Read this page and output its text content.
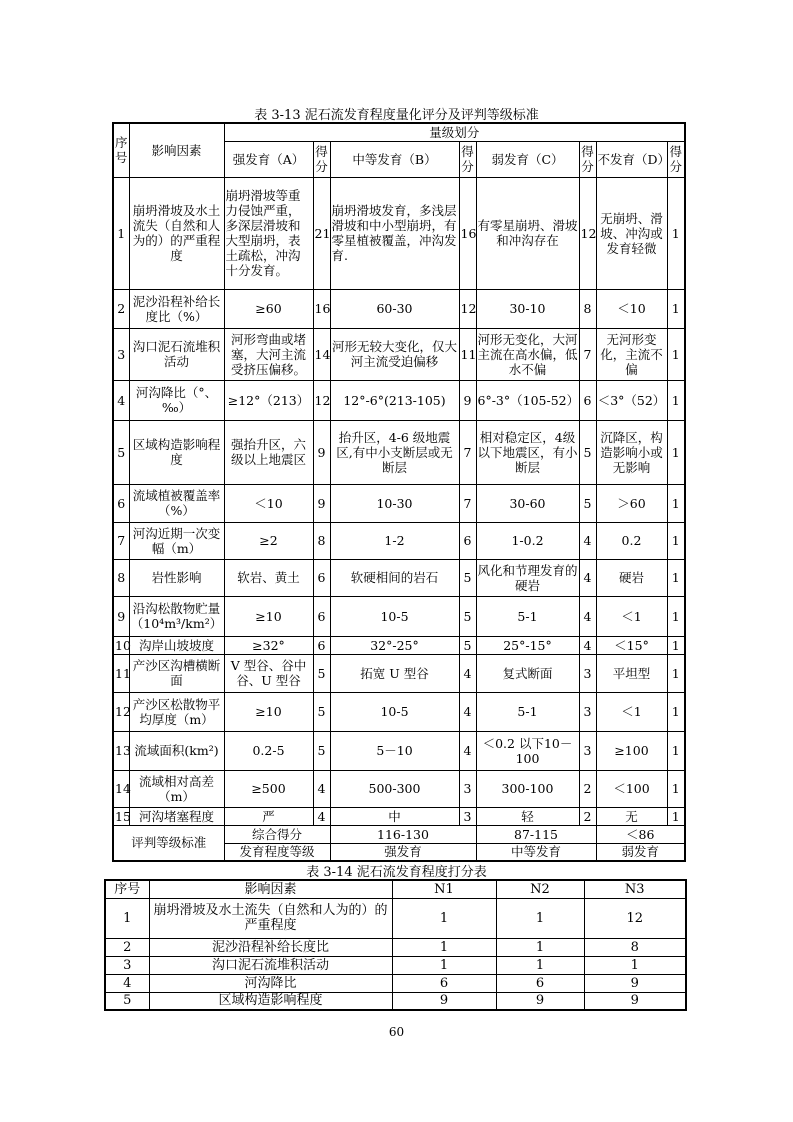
表 3-13 泥石流发育程度量化评分及评判等级标准
序号	影响因素	量级划分							
		强发育（A）	得分	中等发育（B）	得分	弱发育（C）	得分	不发育（D）	得分
1	崩坍滑坡及水土流失（自然和人为的）的严重程度	崩坍滑坡等重力侵蚀严重，多深层滑坡和大型崩坍，表土疏松，冲沟十分发育。	21	崩坍滑坡发育，多浅层滑坡和中小型崩坍，有零星植被覆盖，冲沟发育.	16	有零星崩坍、滑坡和冲沟存在	12	无崩坍、滑坡、冲沟或发育轻微	1
2	泥沙沿程补给长度比（%）	≥60	16	60-30	12	30-10	8	＜10	1
3	沟口泥石流堆积活动	河形弯曲或堵塞，大河主流受挤压偏移。	14	河形无较大变化，仅大河主流受迫偏移	11	河形无变化，大河主流在高水偏，低水不偏	7	无河形变化，主流不偏	1
4	河沟降比（°、‰）	≥12°（213）	12	12°-6°(213-105)	9	6°-3°（105-52）	6	＜3°（52）	1
5	区域构造影响程度	强抬升区，六级以上地震区	9	抬升区，4-6 级地震区,有中小支断层或无断层	7	相对稳定区，4级以下地震区，有小断层	5	沉降区，构造影响小或无影响	1
6	流域植被覆盖率（%）	＜10	9	10-30	7	30-60	5	＞60	1
7	河沟近期一次变幅（m）	≥2	8	1-2	6	1-0.2	4	0.2	1
8	岩性影响	软岩、黄土	6	软硬相间的岩石	5	风化和节理发育的硬岩	4	硬岩	1
9	沿沟松散物贮量（10⁴m³/km²）	≥10	6	10-5	5	5-1	4	＜1	1
10	沟岸山坡坡度	≥32°	6	32°-25°	5	25°-15°	4	＜15°	1
11	产沙区沟槽横断面	V 型谷、谷中谷、U 型谷	5	拓宽 U 型谷	4	复式断面	3	平坦型	1
12	产沙区松散物平均厚度（m）	≥10	5	10-5	4	5-1	3	＜1	1
13	流域面积(km²)	0.2-5	5	5－10	4	＜0.2 以下10－100	3	≥100	1
14	流域相对高差（m）	≥500	4	500-300	3	300-100	2	＜100	1
15	河沟堵塞程度	严	4	中	3	轻	2	无	1
评判等级标准		综合得分		116-130		87-115		＜86	
		发育程度等级		强发育		中等发育		弱发育	
表 3-14 泥石流发育程度打分表
序号	影响因素	N1	N2	N3
1	崩坍滑坡及水土流失（自然和人为的）的严重程度	1	1	12
2	泥沙沿程补给长度比	1	1	8
3	沟口泥石流堆积活动	1	1	1
4	河沟降比	6	6	9
5	区域构造影响程度	9	9	9
60
